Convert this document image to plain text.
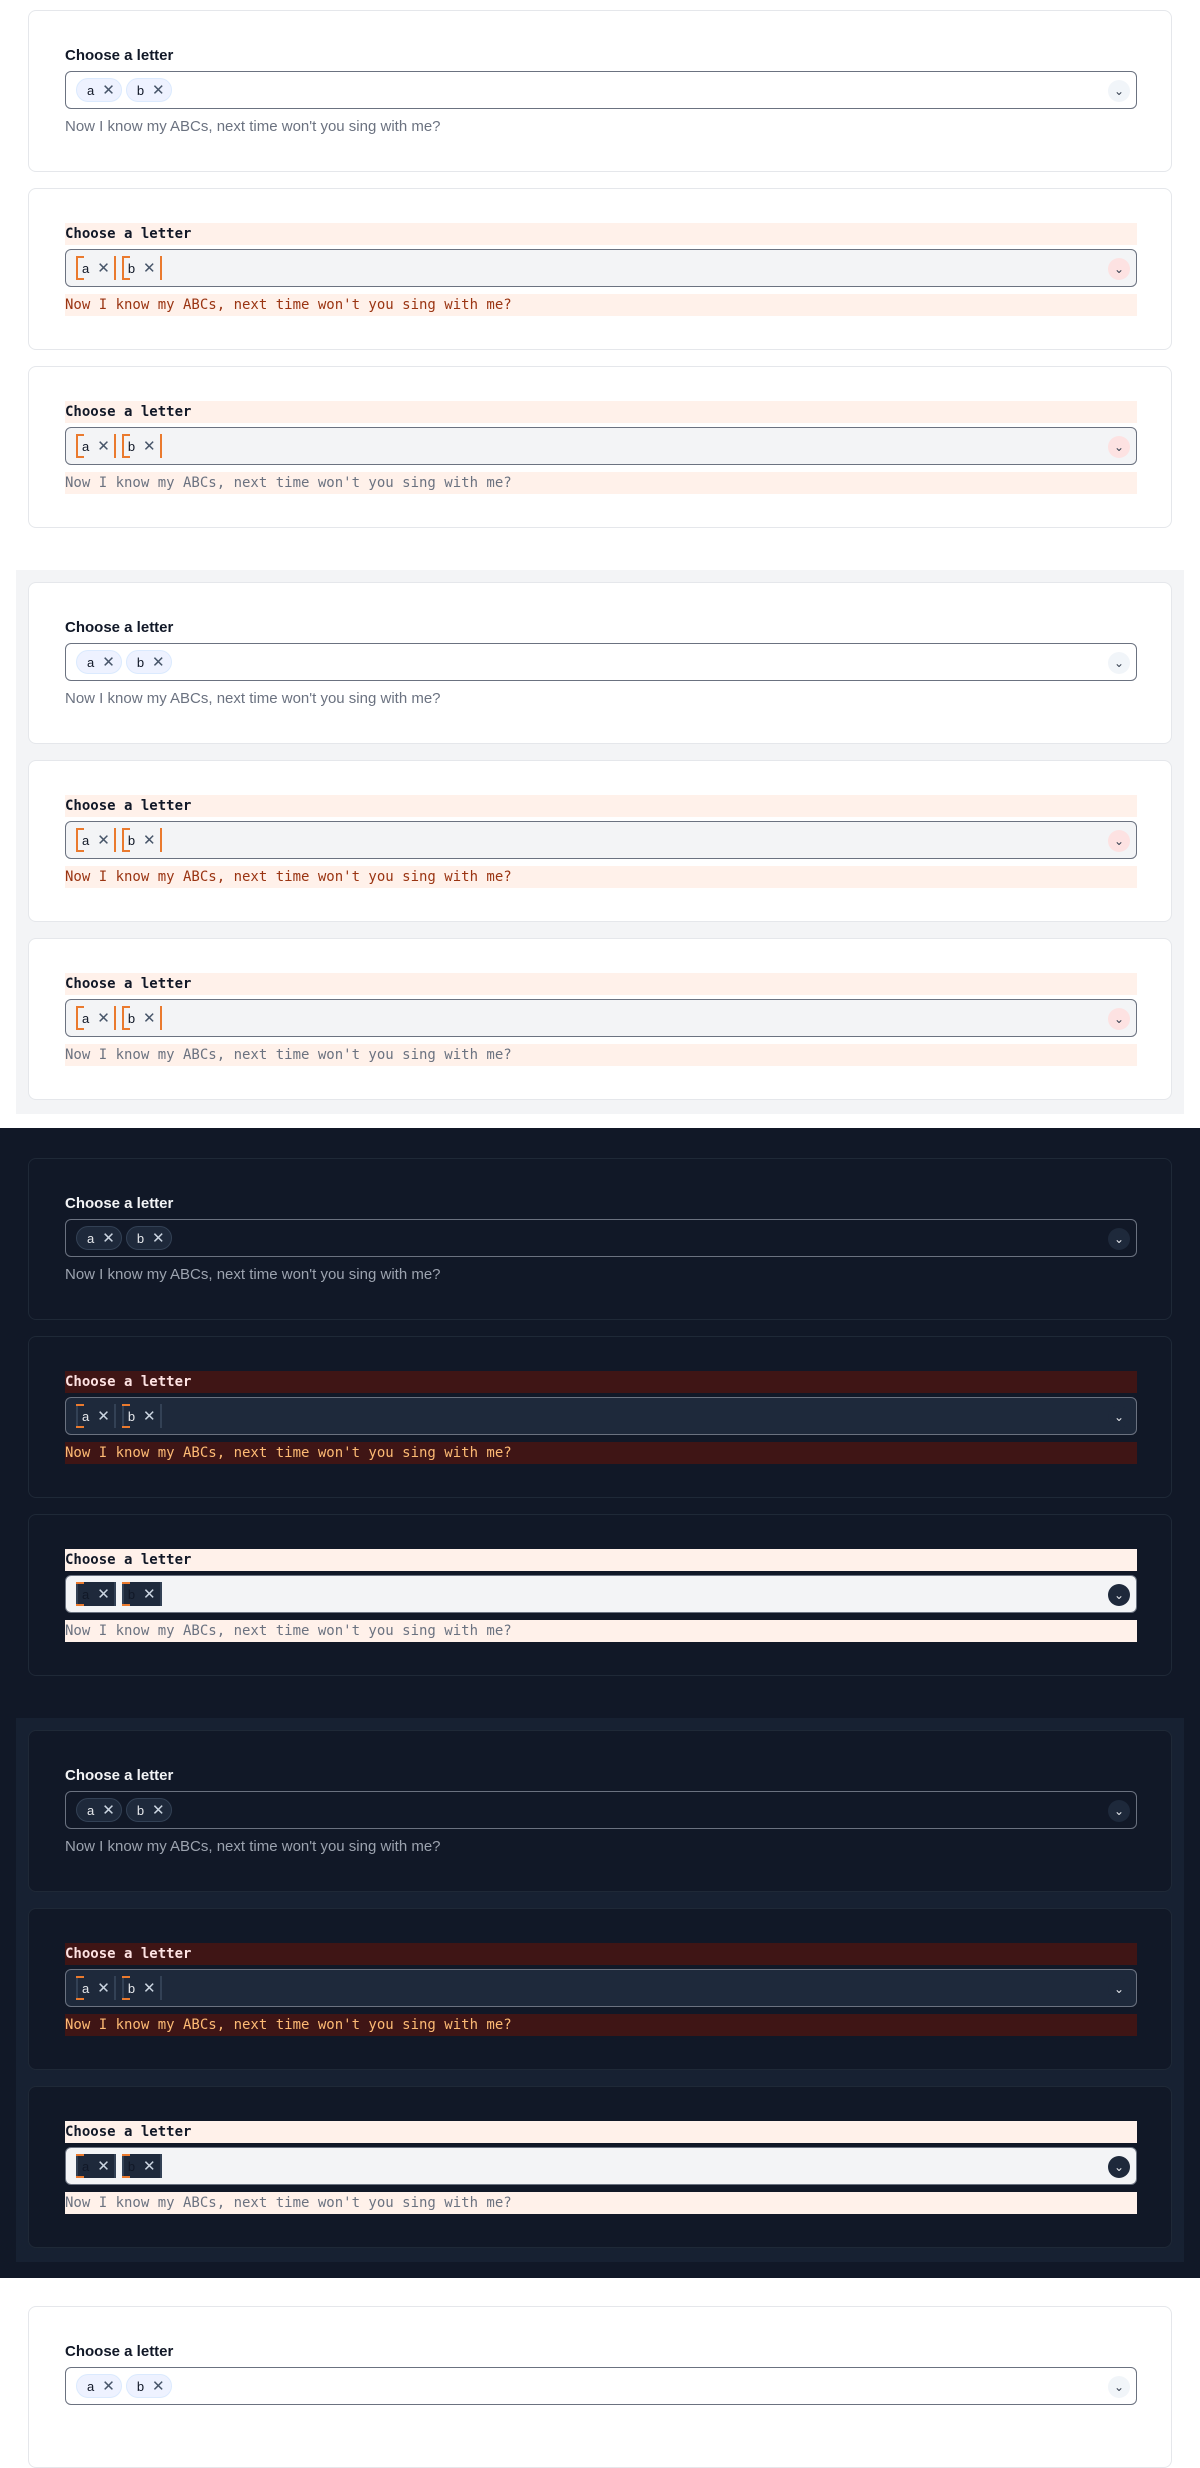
Choose a letter
a ✕ b ✕	⌄
Now I know my ABCs, next time won't you sing with me?
Choose a letter
a ✕ b ✕	⌄
Now I know my ABCs, next time won't you sing with me?
Choose a letter
a ✕ b ✕	⌄
Now I know my ABCs, next time won't you sing with me?
Choose a letter
a ✕ b ✕	⌄
Now I know my ABCs, next time won't you sing with me?
Choose a letter
a ✕ b ✕	⌄
Now I know my ABCs, next time won't you sing with me?
Choose a letter
a ✕ b ✕	⌄
Now I know my ABCs, next time won't you sing with me?
Choose a letter
a ✕ b ✕	⌄
Now I know my ABCs, next time won't you sing with me?
Choose a letter
a ✕ b ✕	⌄
Now I know my ABCs, next time won't you sing with me?
Choose a letter
a ✕ b ✕	⌄
Now I know my ABCs, next time won't you sing with me?
Choose a letter
a ✕ b ✕	⌄
Now I know my ABCs, next time won't you sing with me?
Choose a letter
a ✕ b ✕	⌄
Now I know my ABCs, next time won't you sing with me?
Choose a letter
a ✕ b ✕	⌄
Now I know my ABCs, next time won't you sing with me?
Choose a letter
a ✕ b ✕	⌄
